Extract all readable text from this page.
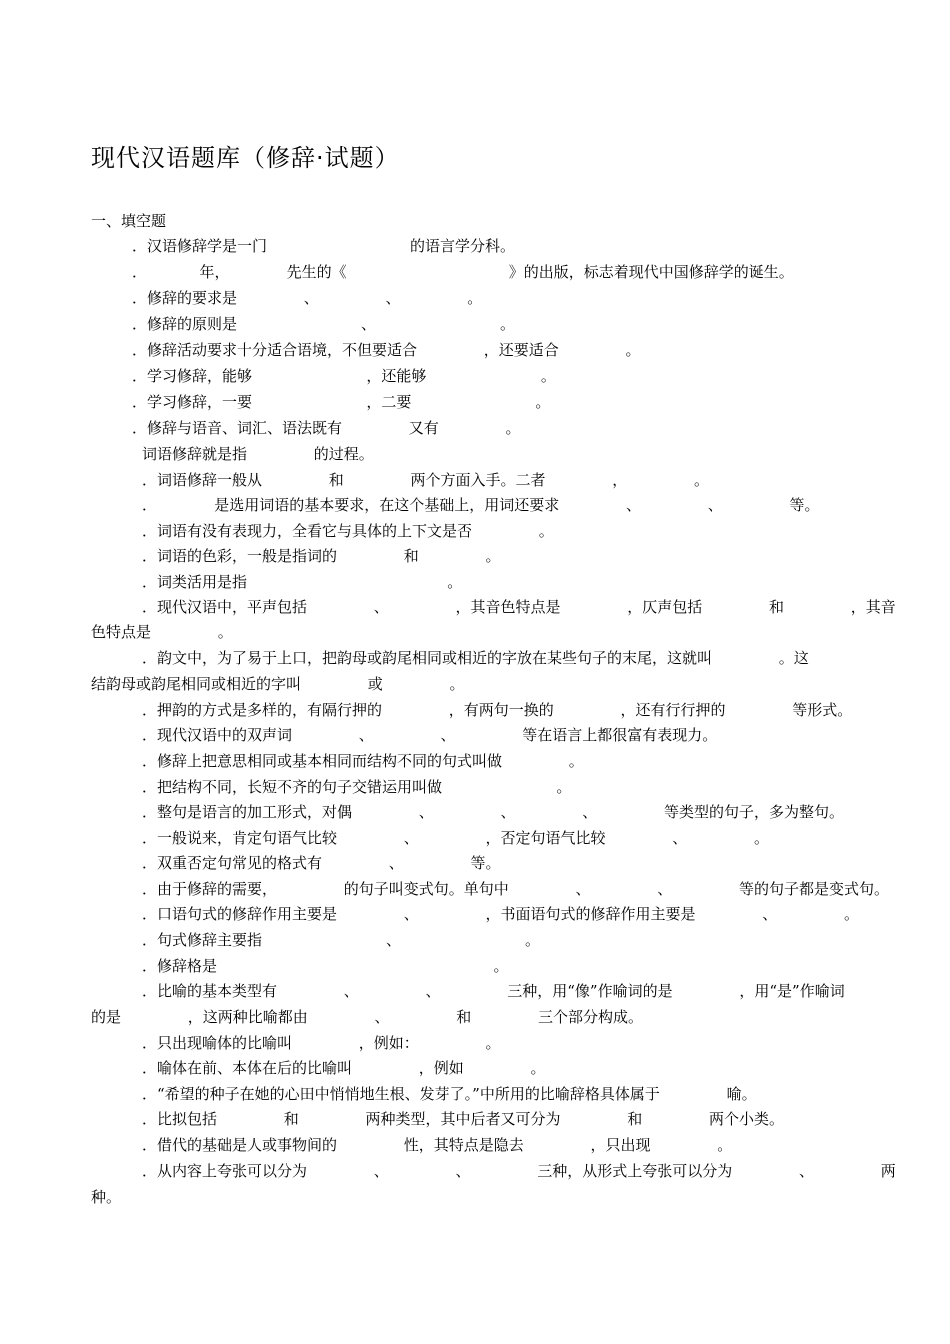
现代汉语题库（修辞·试题）
一、填空题
．汉语修辞学是一门                              的语言学分科。
．           年，            先生的《                                  》的出版，标志着现代中国修辞学的诞生。
．修辞的要求是              、              、              。
．修辞的原则是                          、                          。
．修辞活动要求十分适合语境，不但要适合              ，还要适合              。
．学习修辞，能够                        ，还能够                        。
．学习修辞，一要                        ，二要                          。
．修辞与语音、词汇、语法既有              又有              。
词语修辞就是指              的过程。
．词语修辞一般从              和              两个方面入手。二者              ，              。
．            是选用词语的基本要求，在这个基础上，用词还要求              、              、              等。
．词语有没有表现力，全看它与具体的上下文是否              。
．词语的色彩，一般是指词的              和              。
．词类活用是指                                          。
．现代汉语中，平声包括              、              ，其音色特点是              ，仄声包括              和              ，其音
色特点是              。
．韵文中，为了易于上口，把韵母或韵尾相同或相近的字放在某些句子的末尾，这就叫              。这
结韵母或韵尾相同或相近的字叫              或              。
．押韵的方式是多样的，有隔行押的              ，有两句一换的              ，还有行行押的              等形式。
．现代汉语中的双声词              、              、              等在语言上都很富有表现力。
．修辞上把意思相同或基本相同而结构不同的句式叫做              。
．把结构不同，长短不齐的句子交错运用叫做                        。
．整句是语言的加工形式，对偶              、              、              、              等类型的句子，多为整句。
．一般说来，肯定句语气比较              、              ，否定句语气比较              、              。
．双重否定句常见的格式有              、              等。
．由于修辞的需要，              的句子叫变式句。单句中              、              、              等的句子都是变式句。
．口语句式的修辞作用主要是              、              ，书面语句式的修辞作用主要是              、              。
．句式修辞主要指                          、                          。
．修辞格是                                                          。
．比喻的基本类型有              、              、              三种，用“像”作喻词的是              ，用“是”作喻词
的是              ，这两种比喻都由              、              和              三个部分构成。
．只出现喻体的比喻叫              ，例如：              。
．喻体在前、本体在后的比喻叫              ，例如              。
．“希望的种子在她的心田中悄悄地生根、发芽了。”中所用的比喻辞格具体属于              喻。
．比拟包括              和              两种类型，其中后者又可分为              和              两个小类。
．借代的基础是人或事物间的              性，其特点是隐去              ，只出现              。
．从内容上夸张可以分为              、              、              三种，从形式上夸张可以分为              、              两
种。
